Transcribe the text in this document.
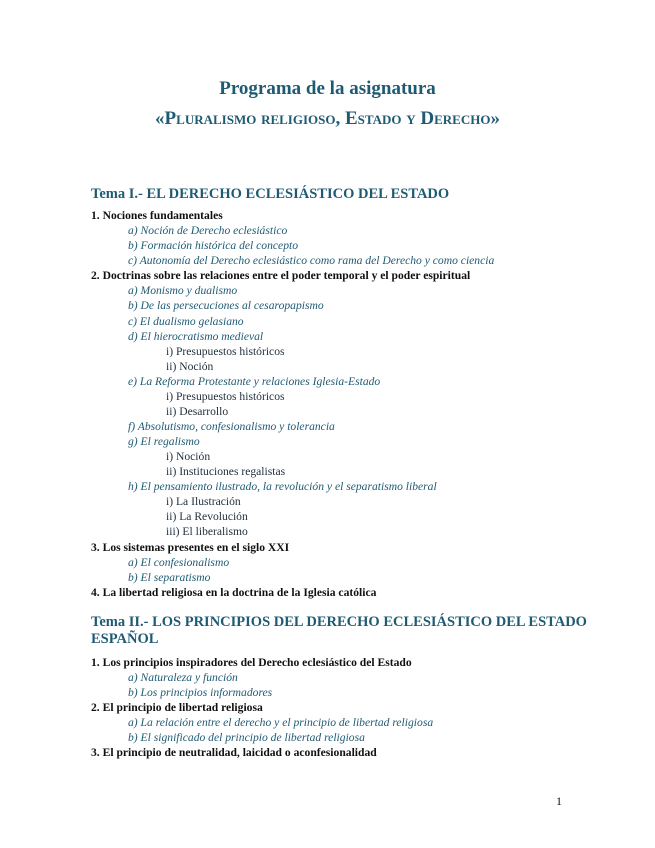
Programa de la asignatura
«Pluralismo religioso, Estado y Derecho»
Tema I.- EL DERECHO ECLESIÁSTICO DEL ESTADO
1. Nociones fundamentales
a) Noción de Derecho eclesiástico
b) Formación histórica del concepto
c) Autonomía del Derecho eclesiástico como rama del Derecho y como ciencia
2. Doctrinas sobre las relaciones entre el poder temporal y el poder espiritual
a) Monismo y dualismo
b) De las persecuciones al cesaropapismo
c) El dualismo gelasiano
d) El hierocratismo medieval
i) Presupuestos históricos
ii) Noción
e) La Reforma Protestante y relaciones Iglesia-Estado
i) Presupuestos históricos
ii) Desarrollo
f) Absolutismo, confesionalismo y tolerancia
g) El regalismo
i) Noción
ii) Instituciones regalistas
h) El pensamiento ilustrado, la revolución y el separatismo liberal
i) La Ilustración
ii) La Revolución
iii) El liberalismo
3. Los sistemas presentes en el siglo XXI
a) El confesionalismo
b) El separatismo
4. La libertad religiosa en la doctrina de la Iglesia católica
Tema II.- LOS PRINCIPIOS DEL DERECHO ECLESIÁSTICO DEL ESTADO ESPAÑOL
1. Los principios inspiradores del Derecho eclesiástico del Estado
a) Naturaleza y función
b) Los principios informadores
2. El principio de libertad religiosa
a) La relación entre el derecho y el principio de libertad religiosa
b) El significado del principio de libertad religiosa
3. El principio de neutralidad, laicidad o aconfesionalidad
1
